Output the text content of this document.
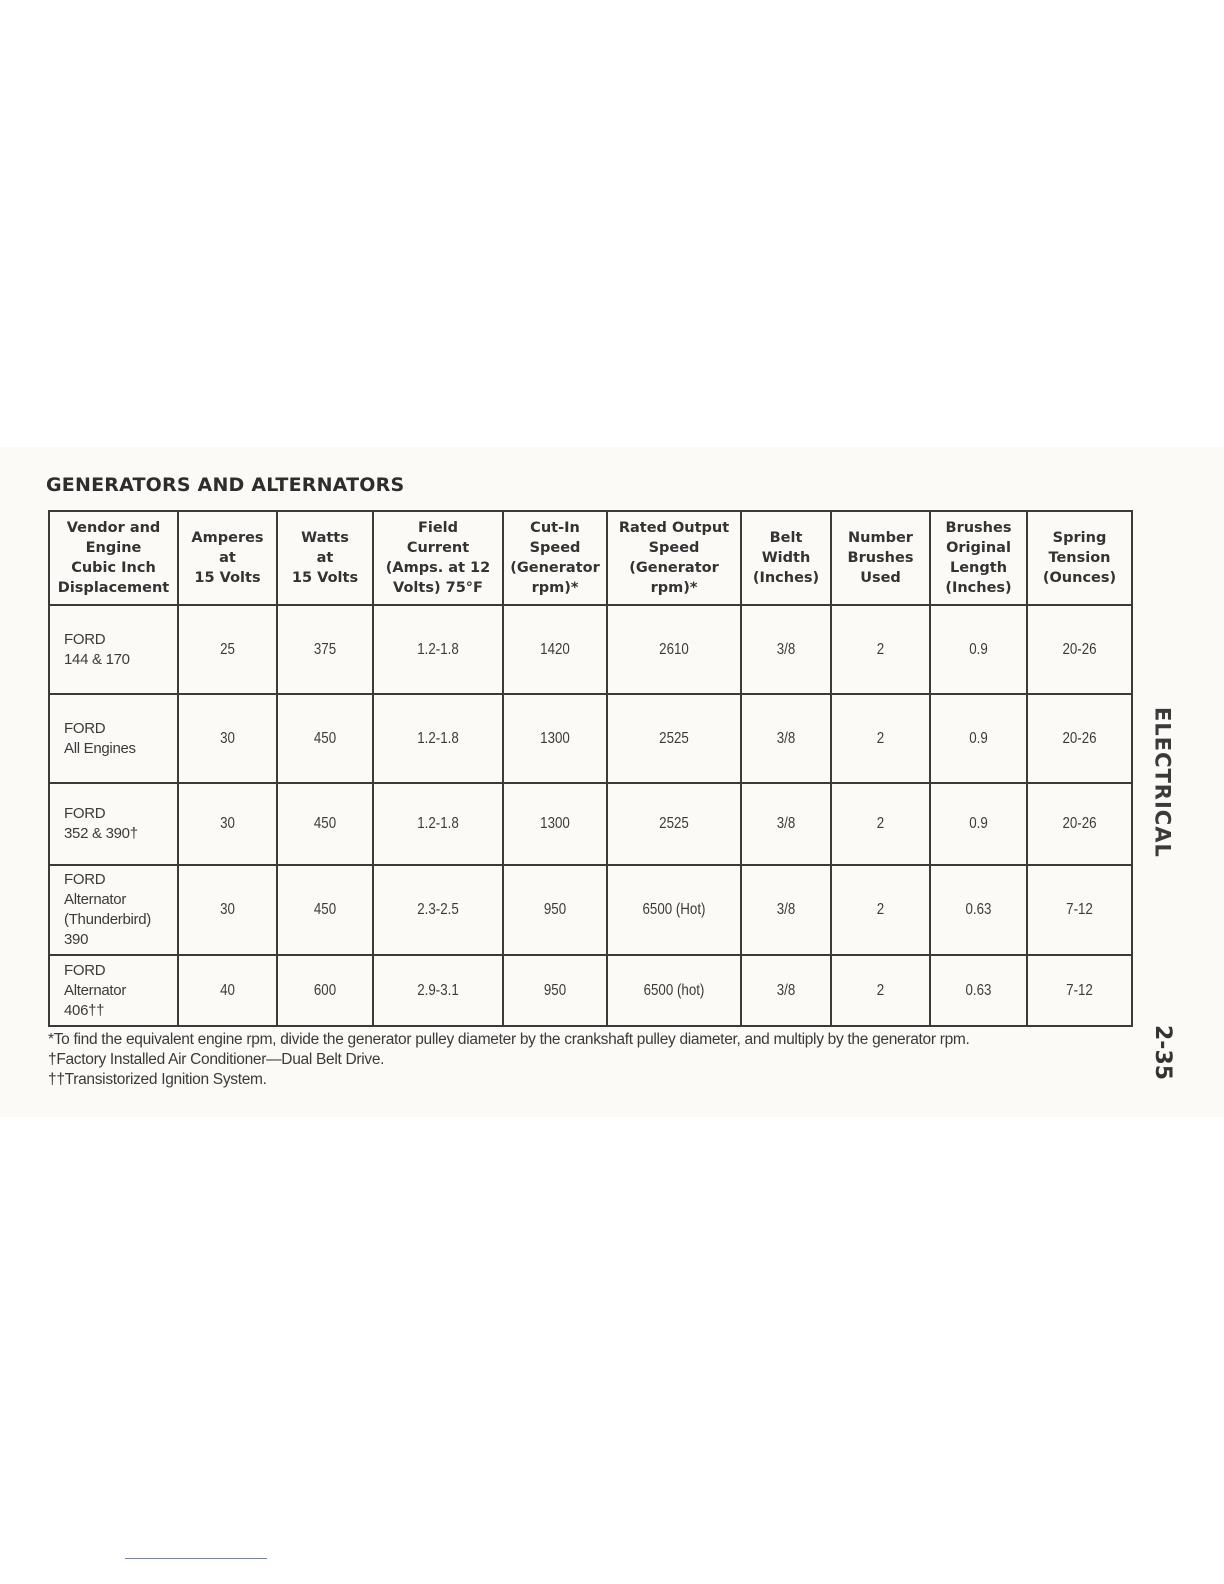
GENERATORS AND ALTERNATORS
Vendor and
Engine
Cubic Inch
Displacement	Amperes
at
15 Volts	Watts
at
15 Volts	Field
Current
(Amps. at 12
Volts) 75°F	Cut-In
Speed
(Generator
rpm)*	Rated Output
Speed
(Generator
rpm)*	Belt
Width
(Inches)	Number
Brushes
Used	Brushes
Original
Length
(Inches)	Spring
Tension
(Ounces)
FORD
144 & 170	25	375	1.2-1.8	1420	2610	3/8	2	0.9	20-26
FORD
All Engines	30	450	1.2-1.8	1300	2525	3/8	2	0.9	20-26
FORD
352 & 390†	30	450	1.2-1.8	1300	2525	3/8	2	0.9	20-26
FORD
Alternator
(Thunderbird)
390	30	450	2.3-2.5	950	6500 (Hot)	3/8	2	0.63	7-12
FORD
Alternator
406††	40	600	2.9-3.1	950	6500 (hot)	3/8	2	0.63	7-12
*To find the equivalent engine rpm, divide the generator pulley diameter by the crankshaft pulley diameter, and multiply by the generator rpm.
†Factory Installed Air Conditioner—Dual Belt Drive.
††Transistorized Ignition System.
ELECTRICAL
2-35
